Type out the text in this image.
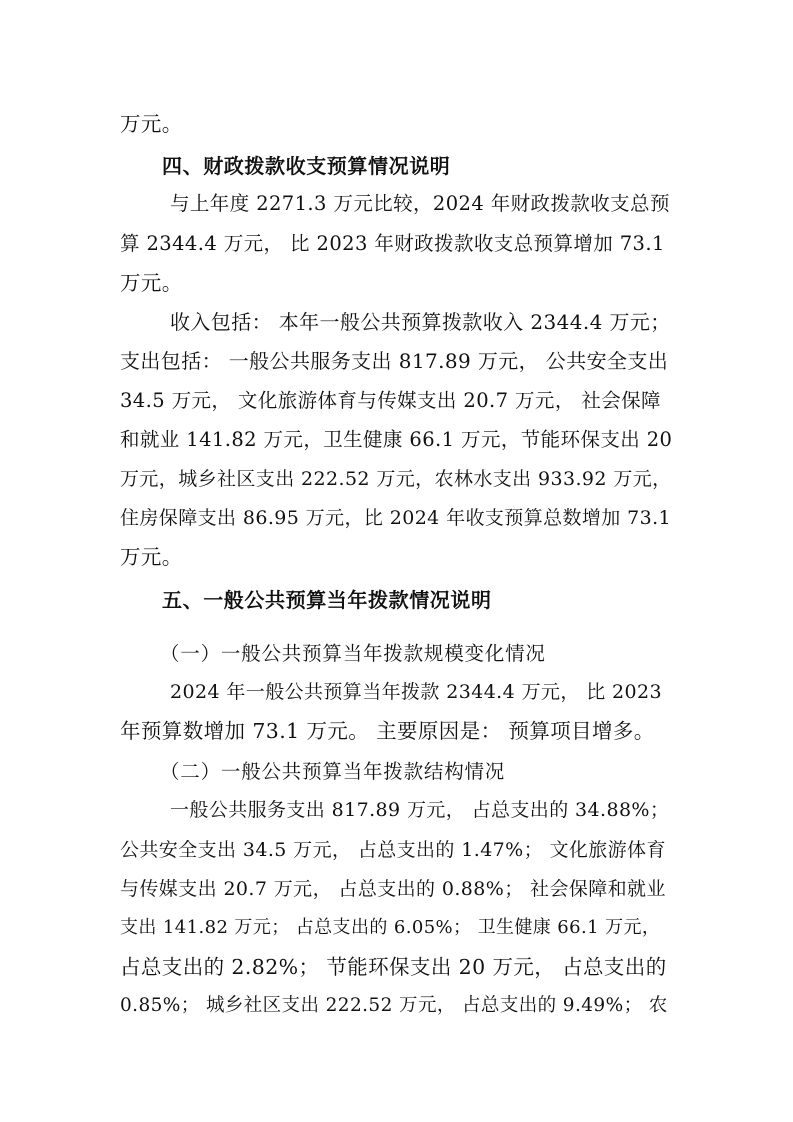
万元。
四、财政拨款收支预算情况说明
与上年度 2271.3 万元比较，2024 年财政拨款收支总预
算 2344.4 万元， 比 2023 年财政拨款收支总预算增加 73.1
万元。
收入包括： 本年一般公共预算拨款收入 2344.4 万元；
支出包括： 一般公共服务支出 817.89 万元， 公共安全支出
34.5 万元， 文化旅游体育与传媒支出 20.7 万元， 社会保障
和就业 141.82 万元，卫生健康 66.1 万元，节能环保支出 20
万元，城乡社区支出 222.52 万元，农林水支出 933.92 万元，
住房保障支出 86.95 万元，比 2024 年收支预算总数增加 73.1
万元。
五、一般公共预算当年拨款情况说明
（一）一般公共预算当年拨款规模变化情况
2024 年一般公共预算当年拨款 2344.4 万元， 比 2023
年预算数增加 73.1 万元。 主要原因是： 预算项目增多。
（二）一般公共预算当年拨款结构情况
一般公共服务支出 817.89 万元， 占总支出的 34.88%；
公共安全支出 34.5 万元， 占总支出的 1.47%； 文化旅游体育
与传媒支出 20.7 万元， 占总支出的 0.88%； 社会保障和就业
支出 141.82 万元； 占总支出的 6.05%； 卫生健康 66.1 万元，
占总支出的 2.82%； 节能环保支出 20 万元， 占总支出的
0.85%； 城乡社区支出 222.52 万元， 占总支出的 9.49%； 农
